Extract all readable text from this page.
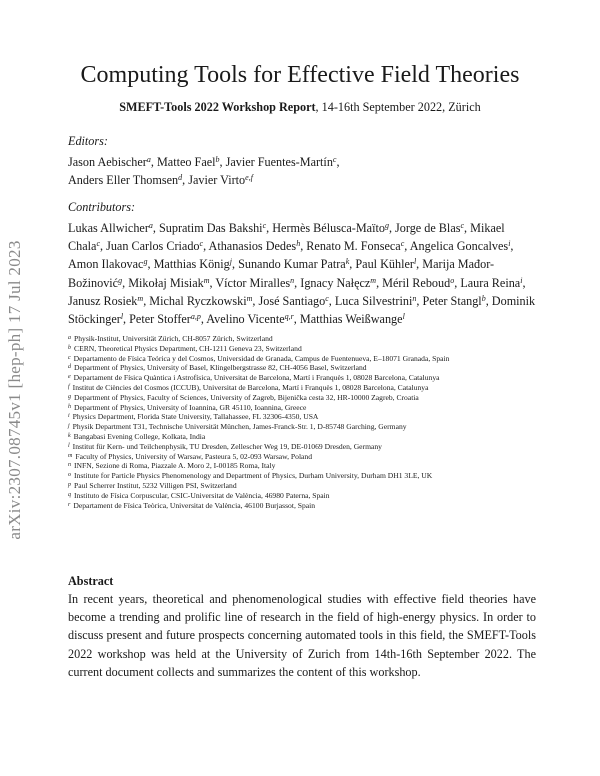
arXiv:2307.08745v1 [hep-ph] 17 Jul 2023
Computing Tools for Effective Field Theories
SMEFT-Tools 2022 Workshop Report, 14-16th September 2022, Zürich
Editors:
Jason Aebischer$^a$, Matteo Fael$^b$, Javier Fuentes-Martín$^c$,
Anders Eller Thomsen$^d$, Javier Virto$^{e,f}$
Contributors:
Lukas Allwicher$^a$, Supratim Das Bakshi$^c$, Hermès Bélusca-Maïto$^g$, Jorge de Blas$^c$, Mikael Chala$^c$, Juan Carlos Criado$^c$, Athanasios Dedes$^h$, Renato M. Fonseca$^c$, Angelica Goncalves$^i$, Amon Ilakovac$^g$, Matthias König$^j$, Sunando Kumar Patra$^k$, Paul Kühler$^l$, Marija Mađor-Božinović$^g$, Mikołaj Misiak$^m$, Víctor Miralles$^n$, Ignacy Nałęcz$^m$, Méril Reboud$^o$, Laura Reina$^i$, Janusz Rosiek$^m$, Michal Ryczkowski$^m$, José Santiago$^c$, Luca Silvestrini$^n$, Peter Stangl$^b$, Dominik Stöckinger$^l$, Peter Stoffer$^{a,p}$, Avelino Vicente$^{q,r}$, Matthias Weißwange$^l$
$^a$ Physik-Institut, Universität Zürich, CH-8057 Zürich, Switzerland
$^b$ CERN, Theoretical Physics Department, CH-1211 Geneva 23, Switzerland
$^c$ Departamento de Física Teórica y del Cosmos, Universidad de Granada, Campus de Fuentenueva, E–18071 Granada, Spain
$^d$ Department of Physics, University of Basel, Klingelbergstrasse 82, CH-4056 Basel, Switzerland
$^e$ Departament de Física Quàntica i Astrofísica, Universitat de Barcelona, Martí i Franquès 1, 08028 Barcelona, Catalunya
$^f$ Institut de Ciències del Cosmos (ICCUB), Universitat de Barcelona, Martí i Franquès 1, 08028 Barcelona, Catalunya
$^g$ Department of Physics, Faculty of Sciences, University of Zagreb, Bijenička cesta 32, HR-10000 Zagreb, Croatia
$^h$ Department of Physics, University of Ioannina, GR 45110, Ioannina, Greece
$^i$ Physics Department, Florida State University, Tallahassee, FL 32306-4350, USA
$^j$ Physik Department T31, Technische Universität München, James-Franck-Str. 1, D-85748 Garching, Germany
$^k$ Bangabasi Evening College, Kolkata, India
$^l$ Institut für Kern- und Teilchenphysik, TU Dresden, Zellescher Weg 19, DE-01069 Dresden, Germany
$^m$ Faculty of Physics, University of Warsaw, Pasteura 5, 02-093 Warsaw, Poland
$^n$ INFN, Sezione di Roma, Piazzale A. Moro 2, I-00185 Roma, Italy
$^o$ Institute for Particle Physics Phenomenology and Department of Physics, Durham University, Durham DH1 3LE, UK
$^p$ Paul Scherrer Institut, 5232 Villigen PSI, Switzerland
$^q$ Instituto de Física Corpuscular, CSIC-Universitat de València, 46980 Paterna, Spain
$^r$ Departament de Física Teòrica, Universitat de València, 46100 Burjassot, Spain
Abstract
In recent years, theoretical and phenomenological studies with effective field theories have become a trending and prolific line of research in the field of high-energy physics. In order to discuss present and future prospects concerning automated tools in this field, the SMEFT-Tools 2022 workshop was held at the University of Zurich from 14th-16th September 2022. The current document collects and summarizes the content of this workshop.
